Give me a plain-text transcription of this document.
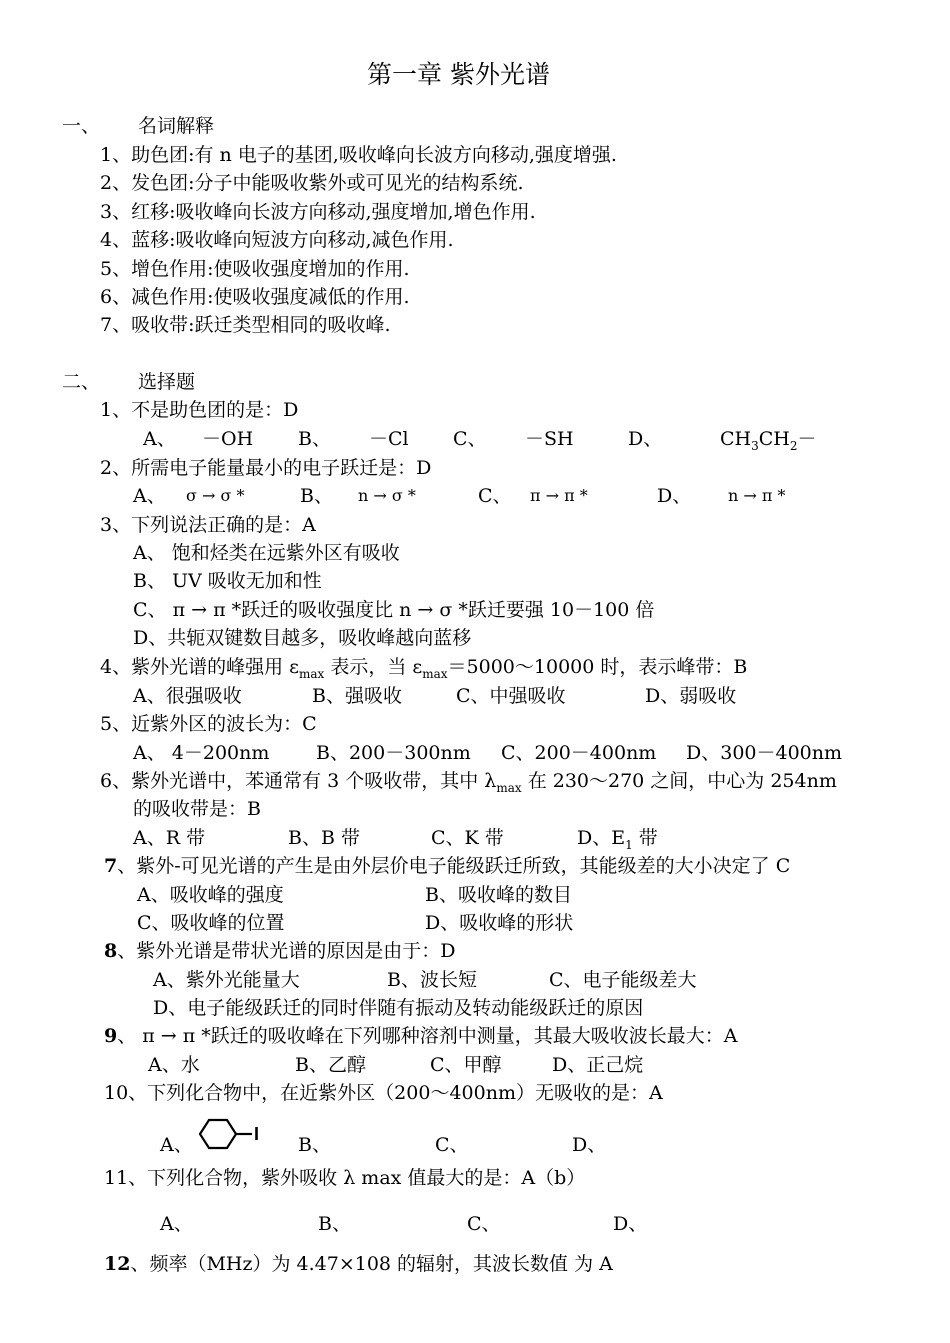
第一章 紫外光谱
一、 名词解释
1、助色团:有 n 电子的基团,吸收峰向长波方向移动,强度增强.
2、发色团:分子中能吸收紫外或可见光的结构系统.
3、红移:吸收峰向长波方向移动,强度增加,增色作用.
4、蓝移:吸收峰向短波方向移动,减色作用.
5、增色作用:使吸收强度增加的作用.
6、减色作用:使吸收强度减低的作用.
7、吸收带:跃迁类型相同的吸收峰.
二、 选择题
1、不是助色团的是：D
A、 －OH B、 －Cl C、 －SH	D、	$CH_3CH_2-$
2、所需电子能量最小的电子跃迁是：D
A、 σ → σ *	B、 n → σ *	C、 π → π *	D、 n → π *
3、下列说法正确的是：A
A、 饱和烃类在远紫外区有吸收
B、 UV 吸收无加和性
C、 π → π *跃迁的吸收强度比 n → σ *跃迁要强 10－100 倍
D、共轭双键数目越多，吸收峰越向蓝移
4、紫外光谱的峰强用 $\varepsilon_{max}$ 表示，当 $\varepsilon_{max}=5000\sim 10000$ 时，表示峰带：B
A、很强吸收	B、强吸收	C、中强吸收	D、弱吸收
5、近紫外区的波长为：C
A、 4－200nm B、200－300nm C、200－400nm D、300－400nm
6、紫外光谱中，苯通常有 3 个吸收带，其中 $\lambda_{max}$ 在 230～270 之间，中心为 254nm
的吸收带是：B
A、R 带	B、B 带	C、K 带	D、$E_1$ 带
7、紫外-可见光谱的产生是由外层价电子能级跃迁所致，其能级差的大小决定了 C
A、吸收峰的强度	B、吸收峰的数目
C、吸收峰的位置	D、吸收峰的形状
8、紫外光谱是带状光谱的原因是由于：D
A、紫外光能量大	B、波长短	C、电子能级差大
D、电子能级跃迁的同时伴随有振动及转动能级跃迁的原因
9、 π → π *跃迁的吸收峰在下列哪种溶剂中测量，其最大吸收波长最大：A
A、水	B、乙醇	C、甲醇	D、正己烷
10、下列化合物中，在近紫外区（200～400nm）无吸收的是：A
A、	I B、	C、	D、
11、下列化合物，紫外吸收 λ max 值最大的是：A（b）
A、	B、	C、	D、
12、频率（MHz）为 4.47×108 的辐射，其波长数值 为 A
